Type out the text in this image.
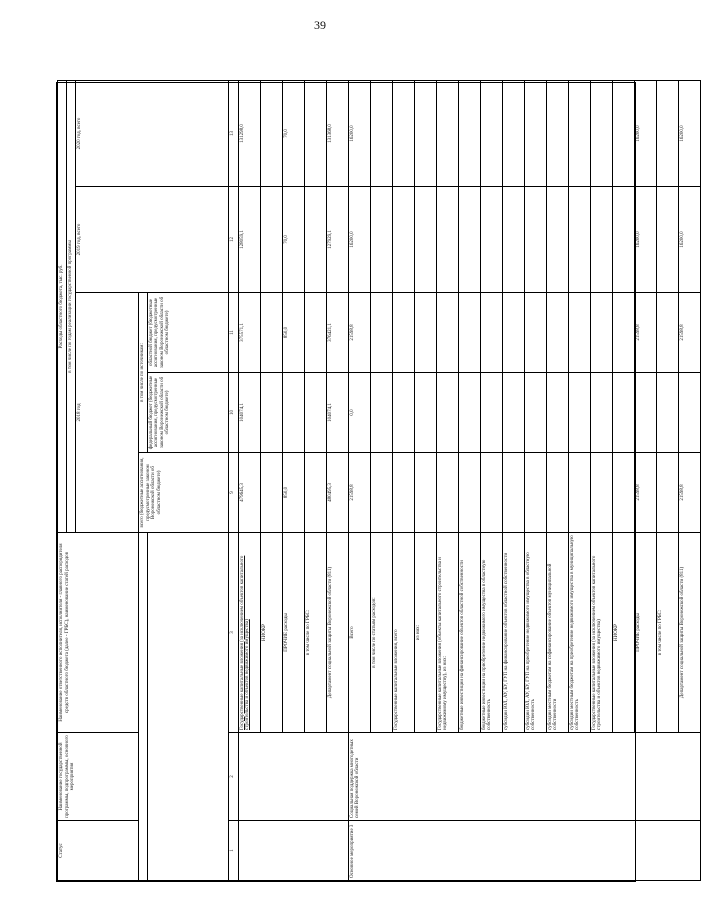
39
Статус	Наименование государственной программы, подпрограммы, основного мероприятия	Наименование ответственного исполнителя, исполнителя - главного распорядителя средств областного бюджета (далее - ГРБС), наименование статей расходов	Расходы областного бюджета, тыс. руб.				
			в том числе по годам реализации государственной программы				
			2018 год			2019 год, всего	2020 год, всего
			всего (бюджетные ассигнования, предусмотренные законом Воронежской области об областном бюджете)	в том числе по источникам:			
				федеральный бюджет (бюджетные ассигнования, предусмотренные законом Воронежской области об областном бюджете)	областной бюджет (бюджетные ассигнования, предусмотренные законом Воронежской области об областном бюджете)		
1	2	3	9	10	11	12	13
		Государственные капитальные вложения (за исключением объектов капитального строительства и объектов недвижимого имущества)	479645,3	104074,1	375571,1	128059,1	131298,0
		НИОКР					
		ПРОЧИЕ расходы	850,0		850,0	70,0	70,0
		в том числе по ГРБС:					
		Департамент социальной защиты Воронежской области (811)	480495,3	104074,1	376421,1	127929,1	131368,0
Основное мероприятие 3	Социальная поддержка многодетных семей Воронежской области	Всего	21598,8	0,0	21598,8	16200,0	16200,0
		в том числе по статьям расходов:					
		Государственные капитальные вложения, всего					
		из них:					
		Государственные капитальные вложения (объекты капитального строительства и недвижимому имуществу), из них:					
		бюджетные инвестиции на финансирование объектов областной собственности					
		бюджетные инвестиции на приобретение недвижимого имущества в областную собственность					
		субсидии ЮЛ, АУ, БУ, ГУП на финансирование объектов областной собственности					
		субсидии ЮЛ, АУ, БУ, ГУП на приобретение недвижимого имущества в областную собственность					
		субсидии местным бюджетам на софинансирование объектов муниципальной собственности					
		субсидии местным бюджетам на приобретение недвижимого имущества в муниципальную собственность					
		Государственные капитальные вложения (за исключением объектов капитального строительства и объектов недвижимого имущества)					
		НИОКР					
		ПРОЧИЕ расходы	21598,8		21598,8	16200,0	16200,0
		в том числе по ГРБС:					
		Департамент социальной защиты Воронежской области (811)	21598,8		21598,8	16200,0	16200,0
